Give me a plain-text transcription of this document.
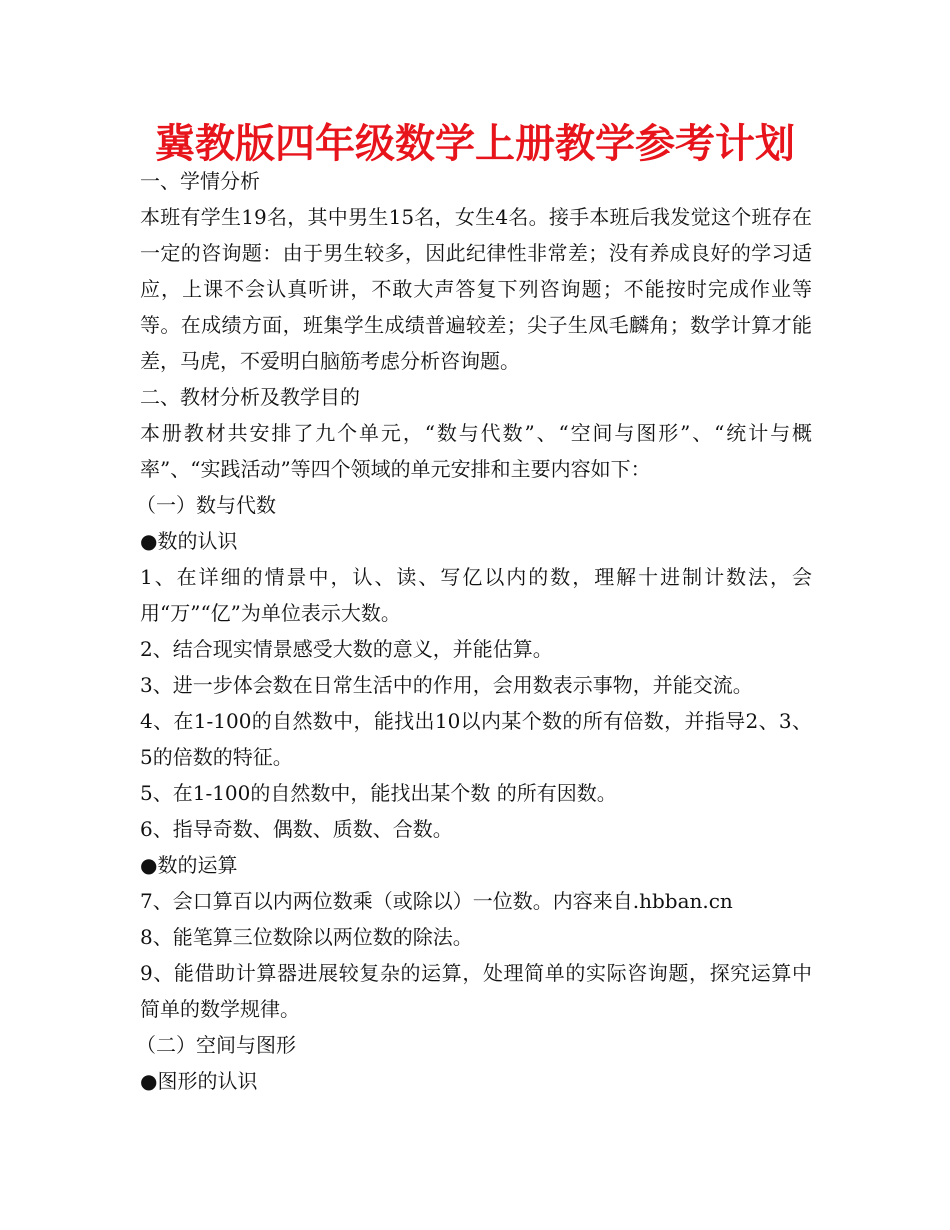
冀教版四年级数学上册教学参考计划

一、学情分析

本班有学生19名，其中男生15名，女生4名。接手本班后我发觉这个班存在一定的咨询题：由于男生较多，因此纪律性非常差；没有养成良好的学习适应，上课不会认真听讲，不敢大声答复下列咨询题；不能按时完成作业等等。在成绩方面，班集学生成绩普遍较差；尖子生凤毛麟角；数学计算才能差，马虎，不爱明白脑筋考虑分析咨询题。

二、教材分析及教学目的

本册教材共安排了九个单元，“数与代数”、“空间与图形”、“统计与概率”、“实践活动”等四个领域的单元安排和主要内容如下：

（一）数与代数

●数的认识

1、在详细的情景中，认、读、写亿以内的数，理解十进制计数法，会用“万”“亿”为单位表示大数。

2、结合现实情景感受大数的意义，并能估算。

3、进一步体会数在日常生活中的作用，会用数表示事物，并能交流。

4、在1-100的自然数中，能找出10以内某个数的所有倍数，并指导2、3、5的倍数的特征。

5、在1-100的自然数中，能找出某个数 的所有因数。

6、指导奇数、偶数、质数、合数。

●数的运算

7、会口算百以内两位数乘（或除以）一位数。内容来自.hbban.cn

8、能笔算三位数除以两位数的除法。

9、能借助计算器进展较复杂的运算，处理简单的实际咨询题，探究运算中简单的数学规律。

（二）空间与图形

●图形的认识
